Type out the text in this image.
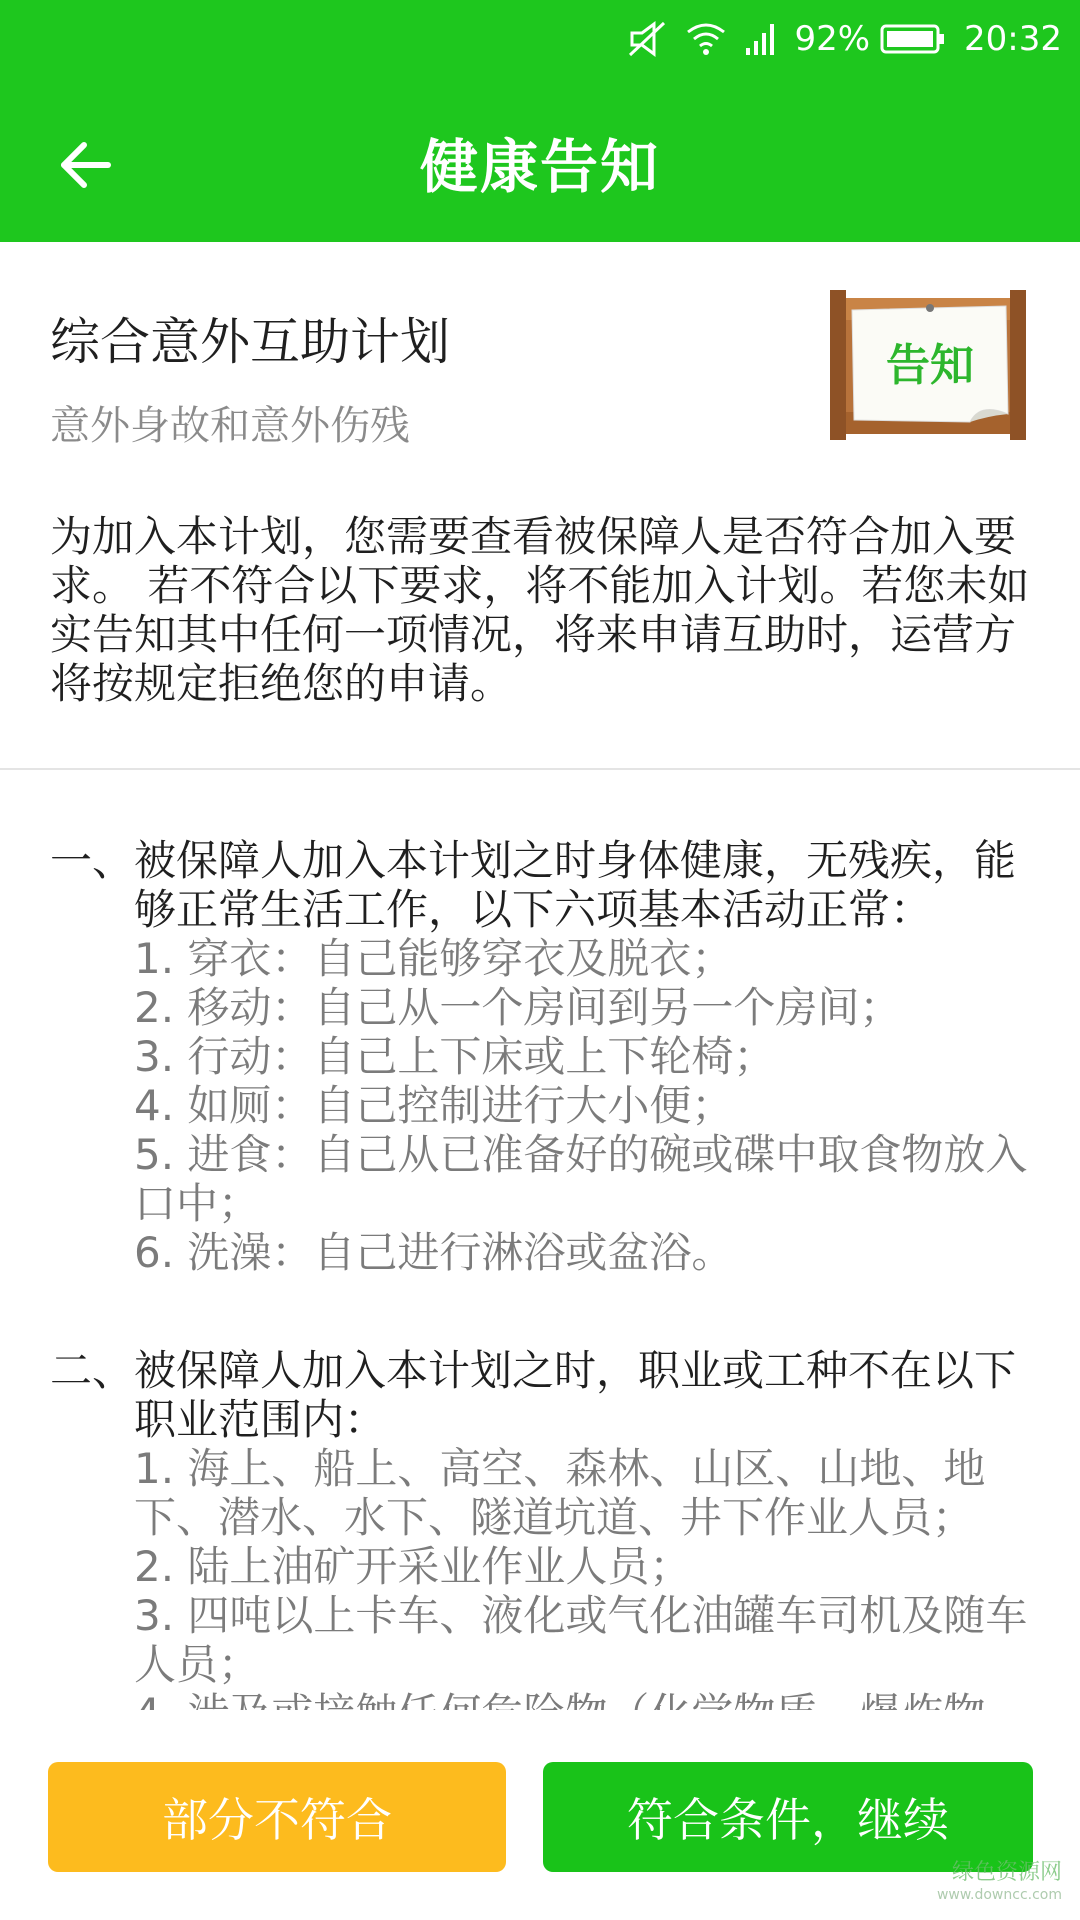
92%	20:32
健康告知
综合意外互助计划
意外身故和意外伤残
告知
为加入本计划，您需要查看被保障人是否符合加入要求。 若不符合以下要求，将不能加入计划。若您未如实告知其中任何一项情况，将来申请互助时，运营方将按规定拒绝您的申请。
一、 被保障人加入本计划之时身体健康，无残疾，能够正常生活工作，以下六项基本活动正常：
1. 穿衣：自己能够穿衣及脱衣；
2. 移动：自己从一个房间到另一个房间；
3. 行动：自己上下床或上下轮椅；
4. 如厕：自己控制进行大小便；
5. 进食：自己从已准备好的碗或碟中取食物放入口中；
6. 洗澡：自己进行淋浴或盆浴。
二、 被保障人加入本计划之时，职业或工种不在以下职业范围内：
1. 海上、船上、高空、森林、山区、山地、地下、潜水、水下、隧道坑道、井下作业人员；
2. 陆上油矿开采业作业人员；
3. 四吨以上卡车、液化或气化油罐车司机及随车人员；
部分不符合	符合条件，继续
绿色资源网
www.downcc.com
